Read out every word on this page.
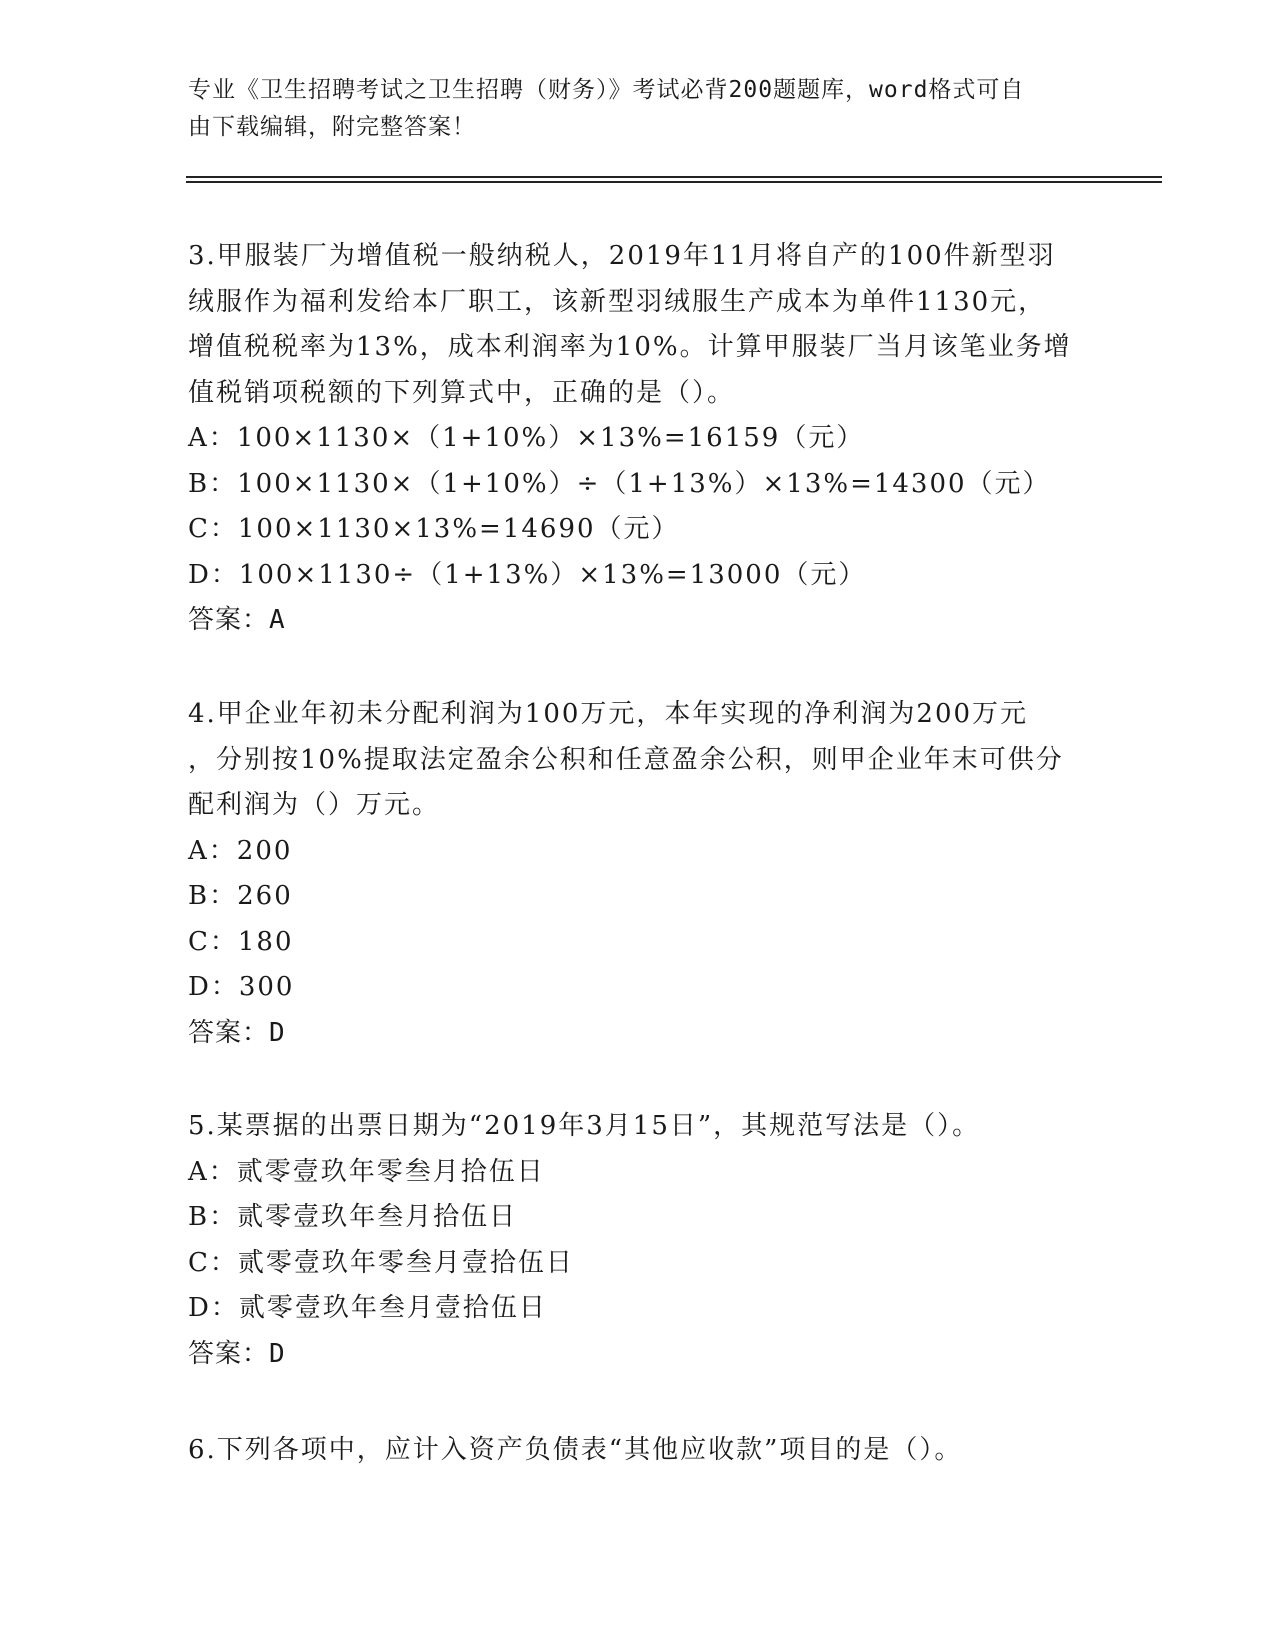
专业《卫生招聘考试之卫生招聘（财务）》考试必背200题题库，word格式可自
由下载编辑，附完整答案！
3.甲服装厂为增值税一般纳税人，2019年11月将自产的100件新型羽
绒服作为福利发给本厂职工，该新型羽绒服生产成本为单件1130元，
增值税税率为13%，成本利润率为10%。计算甲服装厂当月该笔业务增
值税销项税额的下列算式中，正确的是（）。
A：100×1130×（1+10%）×13%=16159（元）
B：100×1130×（1+10%）÷（1+13%）×13%=14300（元）
C：100×1130×13%=14690（元）
D：100×1130÷（1+13%）×13%=13000（元）
答案：A
4.甲企业年初未分配利润为100万元，本年实现的净利润为200万元
，分别按10%提取法定盈余公积和任意盈余公积，则甲企业年末可供分
配利润为（）万元。
A：200
B：260
C：180
D：300
答案：D
5.某票据的出票日期为“2019年3月15日”，其规范写法是（）。
A：贰零壹玖年零叁月拾伍日
B：贰零壹玖年叁月拾伍日
C：贰零壹玖年零叁月壹拾伍日
D：贰零壹玖年叁月壹拾伍日
答案：D
6.下列各项中，应计入资产负债表“其他应收款”项目的是（）。
